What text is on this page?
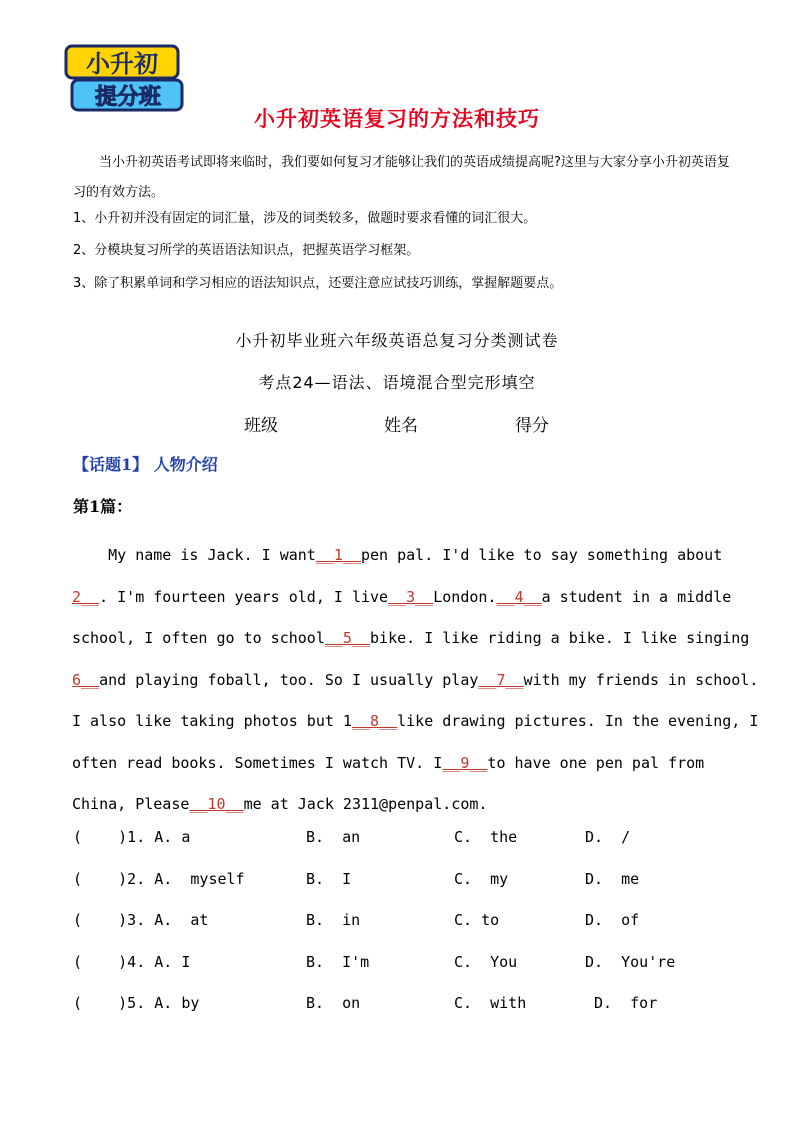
小升初
提分班
小升初英语复习的方法和技巧
当小升初英语考试即将来临时，我们要如何复习才能够让我们的英语成绩提高呢?这里与大家分享小升初英语复习的有效方法。
1、小升初并没有固定的词汇量，涉及的词类较多，做题时要求看懂的词汇很大。
2、分模块复习所学的英语语法知识点，把握英语学习框架。
3、除了积累单词和学习相应的语法知识点，还要注意应试技巧训练，掌握解题要点。
小升初毕业班六年级英语总复习分类测试卷
考点24—语法、语境混合型完形填空
班级	姓名	得分
【话题1】 人物介绍
第1篇：
My name is Jack. I want__1__pen pal. I'd like to say something about
2__. I'm fourteen years old, I live__3__London.__4__a student in a middle
school, I often go to school__5__bike. I like riding a bike. I like singing
6__and playing foball, too. So I usually play__7__with my friends in school.
I also like taking photos but 1__8__like drawing pictures. In the evening, I
often read books. Sometimes I watch TV. I__9__to have one pen pal from
China, Please__10__me at Jack 2311@penpal.com.
(    )1. A. a	B.  an	C.  the	D.  /
(    )2. A.  myself	B.  I	C.  my	D.  me
(    )3. A.  at	B.  in	C. to	D.  of
(    )4. A. I	B.  I'm	C.  You	D.  You're
(    )5. A. by	B.  on	C.  with	D.  for
